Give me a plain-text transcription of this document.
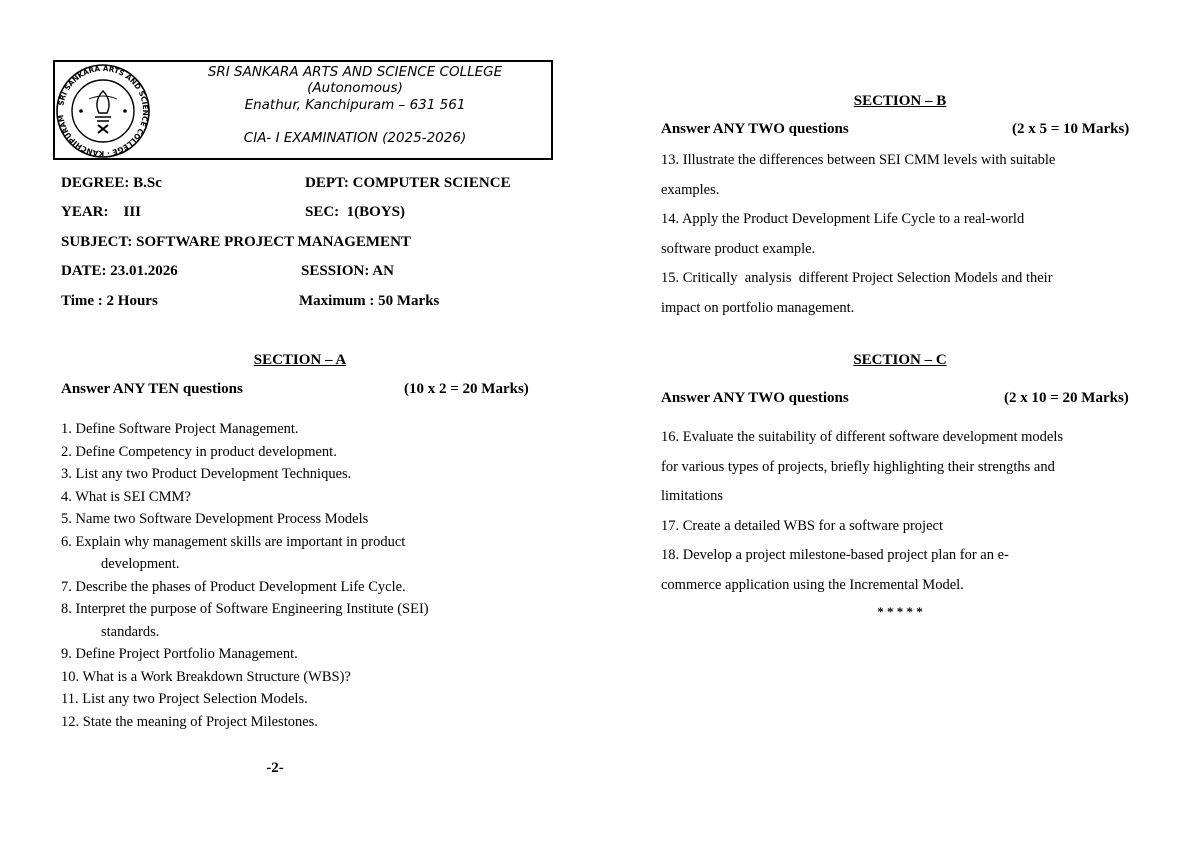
SRI SANKARA ARTS AND SCIENCE COLLEGE · KANCHIPURAM
SRI SANKARA ARTS AND SCIENCE COLLEGE
(Autonomous)
Enathur, Kanchipuram – 631 561
CIA- I EXAMINATION (2025-2026)
DEGREE: B.Sc	DEPT: COMPUTER SCIENCE
YEAR:    III	SEC:  1(BOYS)
SUBJECT: SOFTWARE PROJECT MANAGEMENT
DATE: 23.01.2026	SESSION: AN
Time : 2 Hours	Maximum : 50 Marks
SECTION – A
Answer ANY TEN questions	(10 x 2 = 20 Marks)
1. Define Software Project Management.
2. Define Competency in product development.
3. List any two Product Development Techniques.
4. What is SEI CMM?
5. Name two Software Development Process Models
6. Explain why management skills are important in product
development.
7. Describe the phases of Product Development Life Cycle.
8. Interpret the purpose of Software Engineering Institute (SEI)
standards.
9. Define Project Portfolio Management.
10. What is a Work Breakdown Structure (WBS)?
11. List any two Project Selection Models.
12. State the meaning of Project Milestones.
-2-
SECTION – B
Answer ANY TWO questions	(2 x 5 = 10 Marks)
13. Illustrate the differences between SEI CMM levels with suitable
examples.
14. Apply the Product Development Life Cycle to a real-world
software product example.
15. Critically  analysis  different Project Selection Models and their
impact on portfolio management.
SECTION – C
Answer ANY TWO questions	(2 x 10 = 20 Marks)
16. Evaluate the suitability of different software development models
for various types of projects, briefly highlighting their strengths and
limitations
17. Create a detailed WBS for a software project
18. Develop a project milestone-based project plan for an e-
commerce application using the Incremental Model.
* * * * *
